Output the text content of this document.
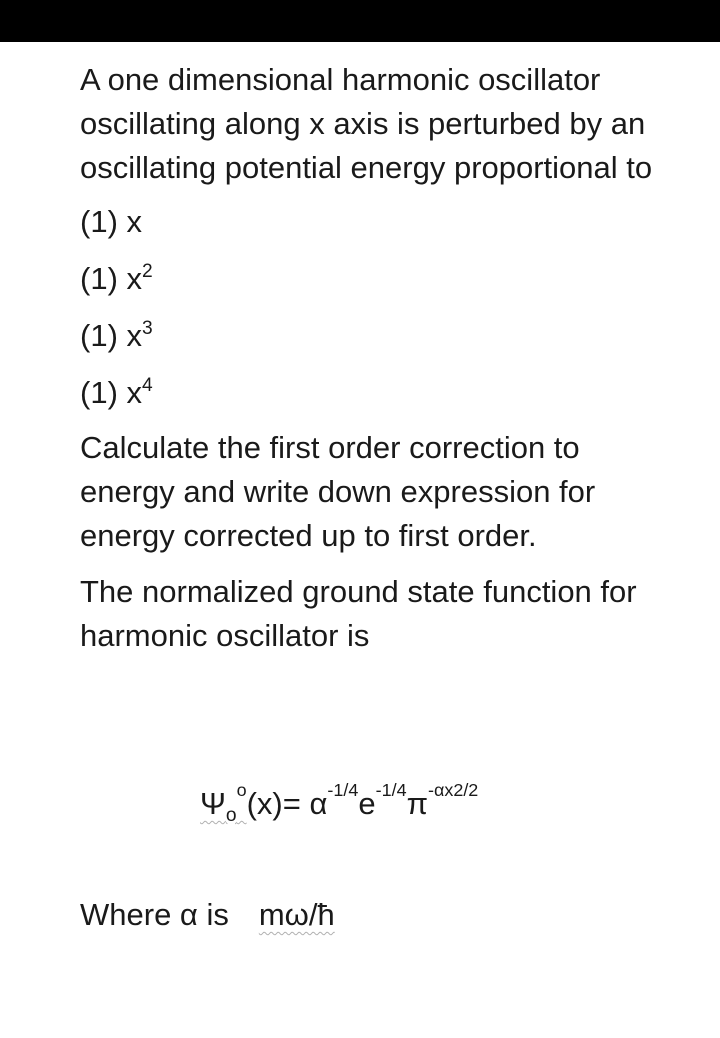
A one dimensional harmonic oscillator oscillating along x axis is perturbed by an oscillating potential energy proportional to

(1) x

(1) $x^2$

(1) $x^3$

(1) $x^4$

Calculate the first order correction to energy and write down expression for energy corrected up to first order.

The normalized ground state function for harmonic oscillator is

$\Psi_o^o(x)= \alpha^{-1/4}e^{-1/4}\pi^{-\alpha x2/2}$
Where α is mω/ħ
